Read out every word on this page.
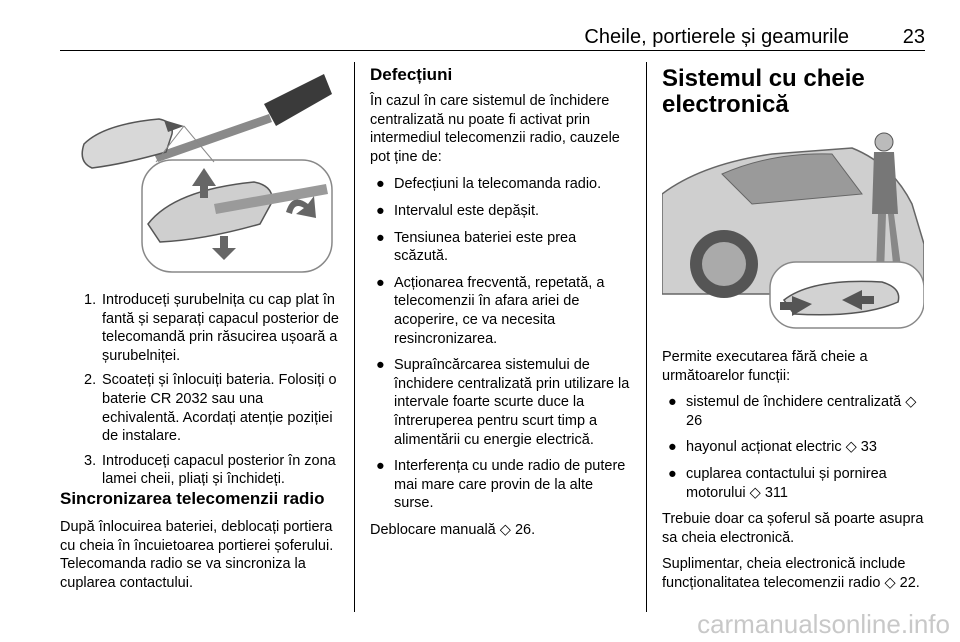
Cheile, portierele și geamurile	23
1. Introduceți șurubelnița cu cap plat în fantă și separați capacul posterior de telecomandă prin răsucirea ușoară a șurubelniței.
2. Scoateți și înlocuiți bateria. Folosiți o baterie CR 2032 sau una echivalentă. Acordați atenție poziției de instalare.
3. Introduceți capacul posterior în zona lamei cheii, pliați și închideți.

Sincronizarea telecomenzii radio

După înlocuirea bateriei, deblocați portiera cu cheia în încuietoarea portierei șoferului. Telecomanda radio se va sincroniza la cuplarea contactului.

Defecțiuni

În cazul în care sistemul de închidere centralizată nu poate fi activat prin intermediul telecomenzii radio, cauzele pot ține de:

● Defecțiuni la telecomanda radio.
● Intervalul este depășit.
● Tensiunea bateriei este prea scăzută.
● Acționarea frecventă, repetată, a telecomenzii în afara ariei de acoperire, ce va necesita resincronizarea.
● Supraîncărcarea sistemului de închidere centralizată prin utilizare la intervale foarte scurte duce la întreruperea pentru scurt timp a alimentării cu energie electrică.
● Interferența cu unde radio de putere mai mare care provin de la alte surse.

Deblocare manuală ◇ 26.

Sistemul cu cheie

electronică

Permite executarea fără cheie a următoarelor funcții:

● sistemul de închidere centralizată ◇ 26
● hayonul acționat electric ◇ 33
● cuplarea contactului și pornirea motorului ◇ 311

Trebuie doar ca șoferul să poarte asupra sa cheia electronică.

Suplimentar, cheia electronică include funcționalitatea telecomenzii radio ◇ 22.

carmanualsonline.info
